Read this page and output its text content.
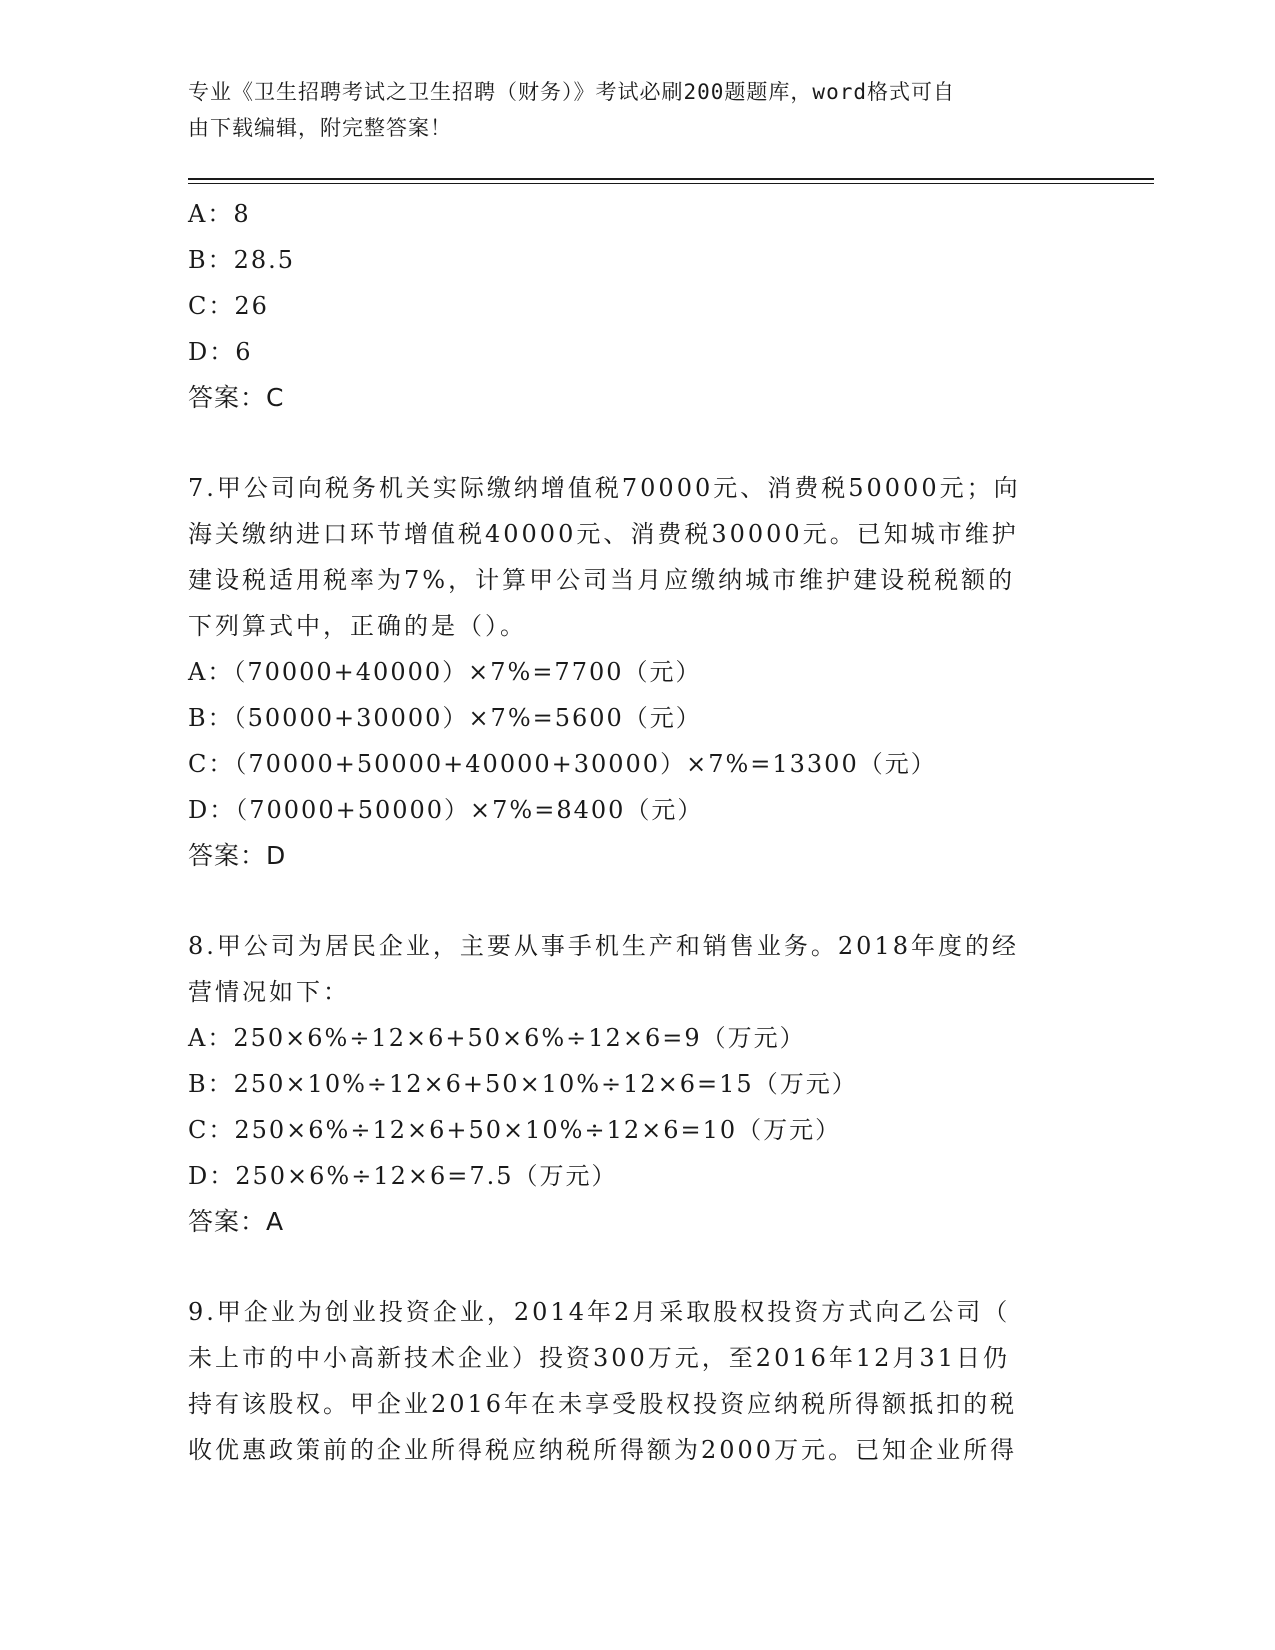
专业《卫生招聘考试之卫生招聘（财务）》考试必刷200题题库，word格式可自
由下载编辑，附完整答案！
A：8
B：28.5
C：26
D：6
答案：C
7.甲公司向税务机关实际缴纳增值税70000元、消费税50000元；向
海关缴纳进口环节增值税40000元、消费税30000元。已知城市维护
建设税适用税率为7%，计算甲公司当月应缴纳城市维护建设税税额的
下列算式中，正确的是（）。
A：（70000+40000）×7%=7700（元）
B：（50000+30000）×7%=5600（元）
C：（70000+50000+40000+30000）×7%=13300（元）
D：（70000+50000）×7%=8400（元）
答案：D
8.甲公司为居民企业，主要从事手机生产和销售业务。2018年度的经
营情况如下：
A：250×6%÷12×6+50×6%÷12×6=9（万元）
B：250×10%÷12×6+50×10%÷12×6=15（万元）
C：250×6%÷12×6+50×10%÷12×6=10（万元）
D：250×6%÷12×6=7.5（万元）
答案：A
9.甲企业为创业投资企业，2014年2月采取股权投资方式向乙公司（
未上市的中小高新技术企业）投资300万元，至2016年12月31日仍
持有该股权。甲企业2016年在未享受股权投资应纳税所得额抵扣的税
收优惠政策前的企业所得税应纳税所得额为2000万元。已知企业所得
